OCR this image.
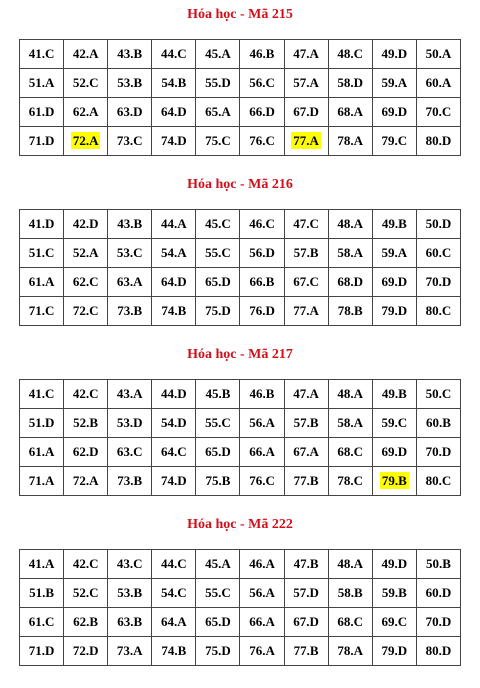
Hóa học - Mã 215
41.C	42.A	43.B	44.C	45.A	46.B	47.A	48.C	49.D	50.A
51.A	52.C	53.B	54.B	55.D	56.C	57.A	58.D	59.A	60.A
61.D	62.A	63.D	64.D	65.A	66.D	67.D	68.A	69.D	70.C
71.D	72.A	73.C	74.D	75.C	76.C	77.A	78.A	79.C	80.D
Hóa học - Mã 216
41.D	42.D	43.B	44.A	45.C	46.C	47.C	48.A	49.B	50.D
51.C	52.A	53.C	54.A	55.C	56.D	57.B	58.A	59.A	60.C
61.A	62.C	63.A	64.D	65.D	66.B	67.C	68.D	69.D	70.D
71.C	72.C	73.B	74.B	75.D	76.D	77.A	78.B	79.D	80.C
Hóa học - Mã 217
41.C	42.C	43.A	44.D	45.B	46.B	47.A	48.A	49.B	50.C
51.D	52.B	53.D	54.D	55.C	56.A	57.B	58.A	59.C	60.B
61.A	62.D	63.C	64.C	65.D	66.A	67.A	68.C	69.D	70.D
71.A	72.A	73.B	74.D	75.B	76.C	77.B	78.C	79.B	80.C
Hóa học - Mã 222
41.A	42.C	43.C	44.C	45.A	46.A	47.B	48.A	49.D	50.B
51.B	52.C	53.B	54.C	55.C	56.A	57.D	58.B	59.B	60.D
61.C	62.B	63.B	64.A	65.D	66.A	67.D	68.C	69.C	70.D
71.D	72.D	73.A	74.B	75.D	76.A	77.B	78.A	79.D	80.D
